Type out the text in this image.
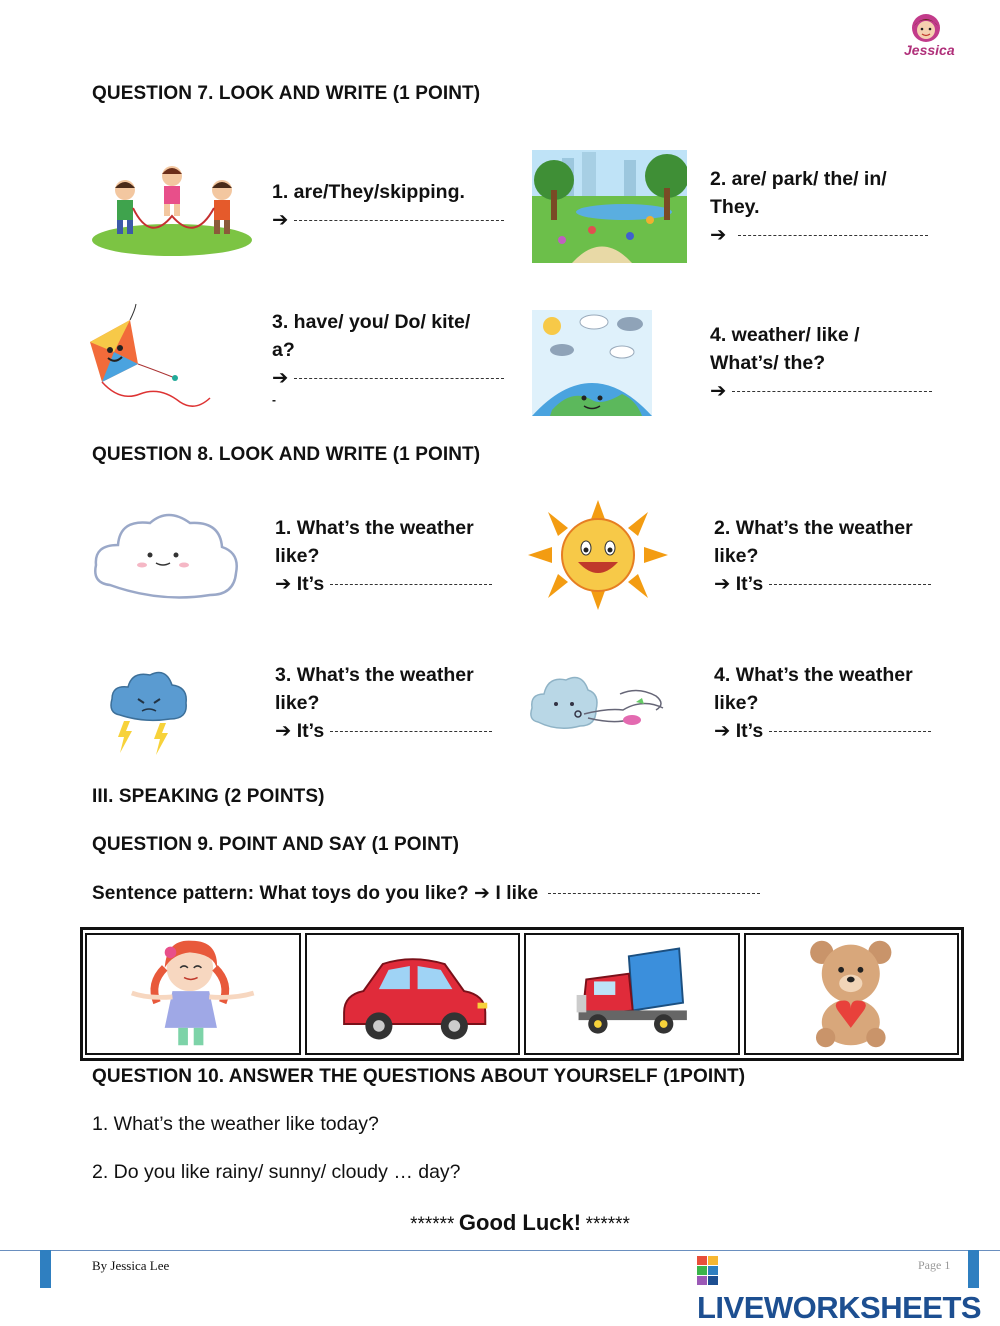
Jessica
QUESTION 7. LOOK AND WRITE (1 POINT)
1. are/They/skipping.
➔
2. are/ park/ the/ in/
They.
➔
3. have/ you/ Do/ kite/
a?
➔
-
4. weather/ like /
What’s/ the?
➔
QUESTION 8. LOOK AND WRITE (1 POINT)
1. What’s the weather
like?
➔ It’s
2. What’s the weather
like?
➔ It’s
3. What’s the weather
like?
➔ It’s
4. What’s the weather
like?
➔ It’s
III. SPEAKING (2 POINTS)
QUESTION 9. POINT AND SAY (1 POINT)
Sentence pattern: What toys do you like? ➔ I like
QUESTION 10. ANSWER THE QUESTIONS ABOUT YOURSELF (1POINT)
1. What’s the weather like today?
2. Do you like rainy/ sunny/ cloudy … day?
****** Good Luck! ******
By Jessica Lee	Page 1
LIVEWORKSHEETS
